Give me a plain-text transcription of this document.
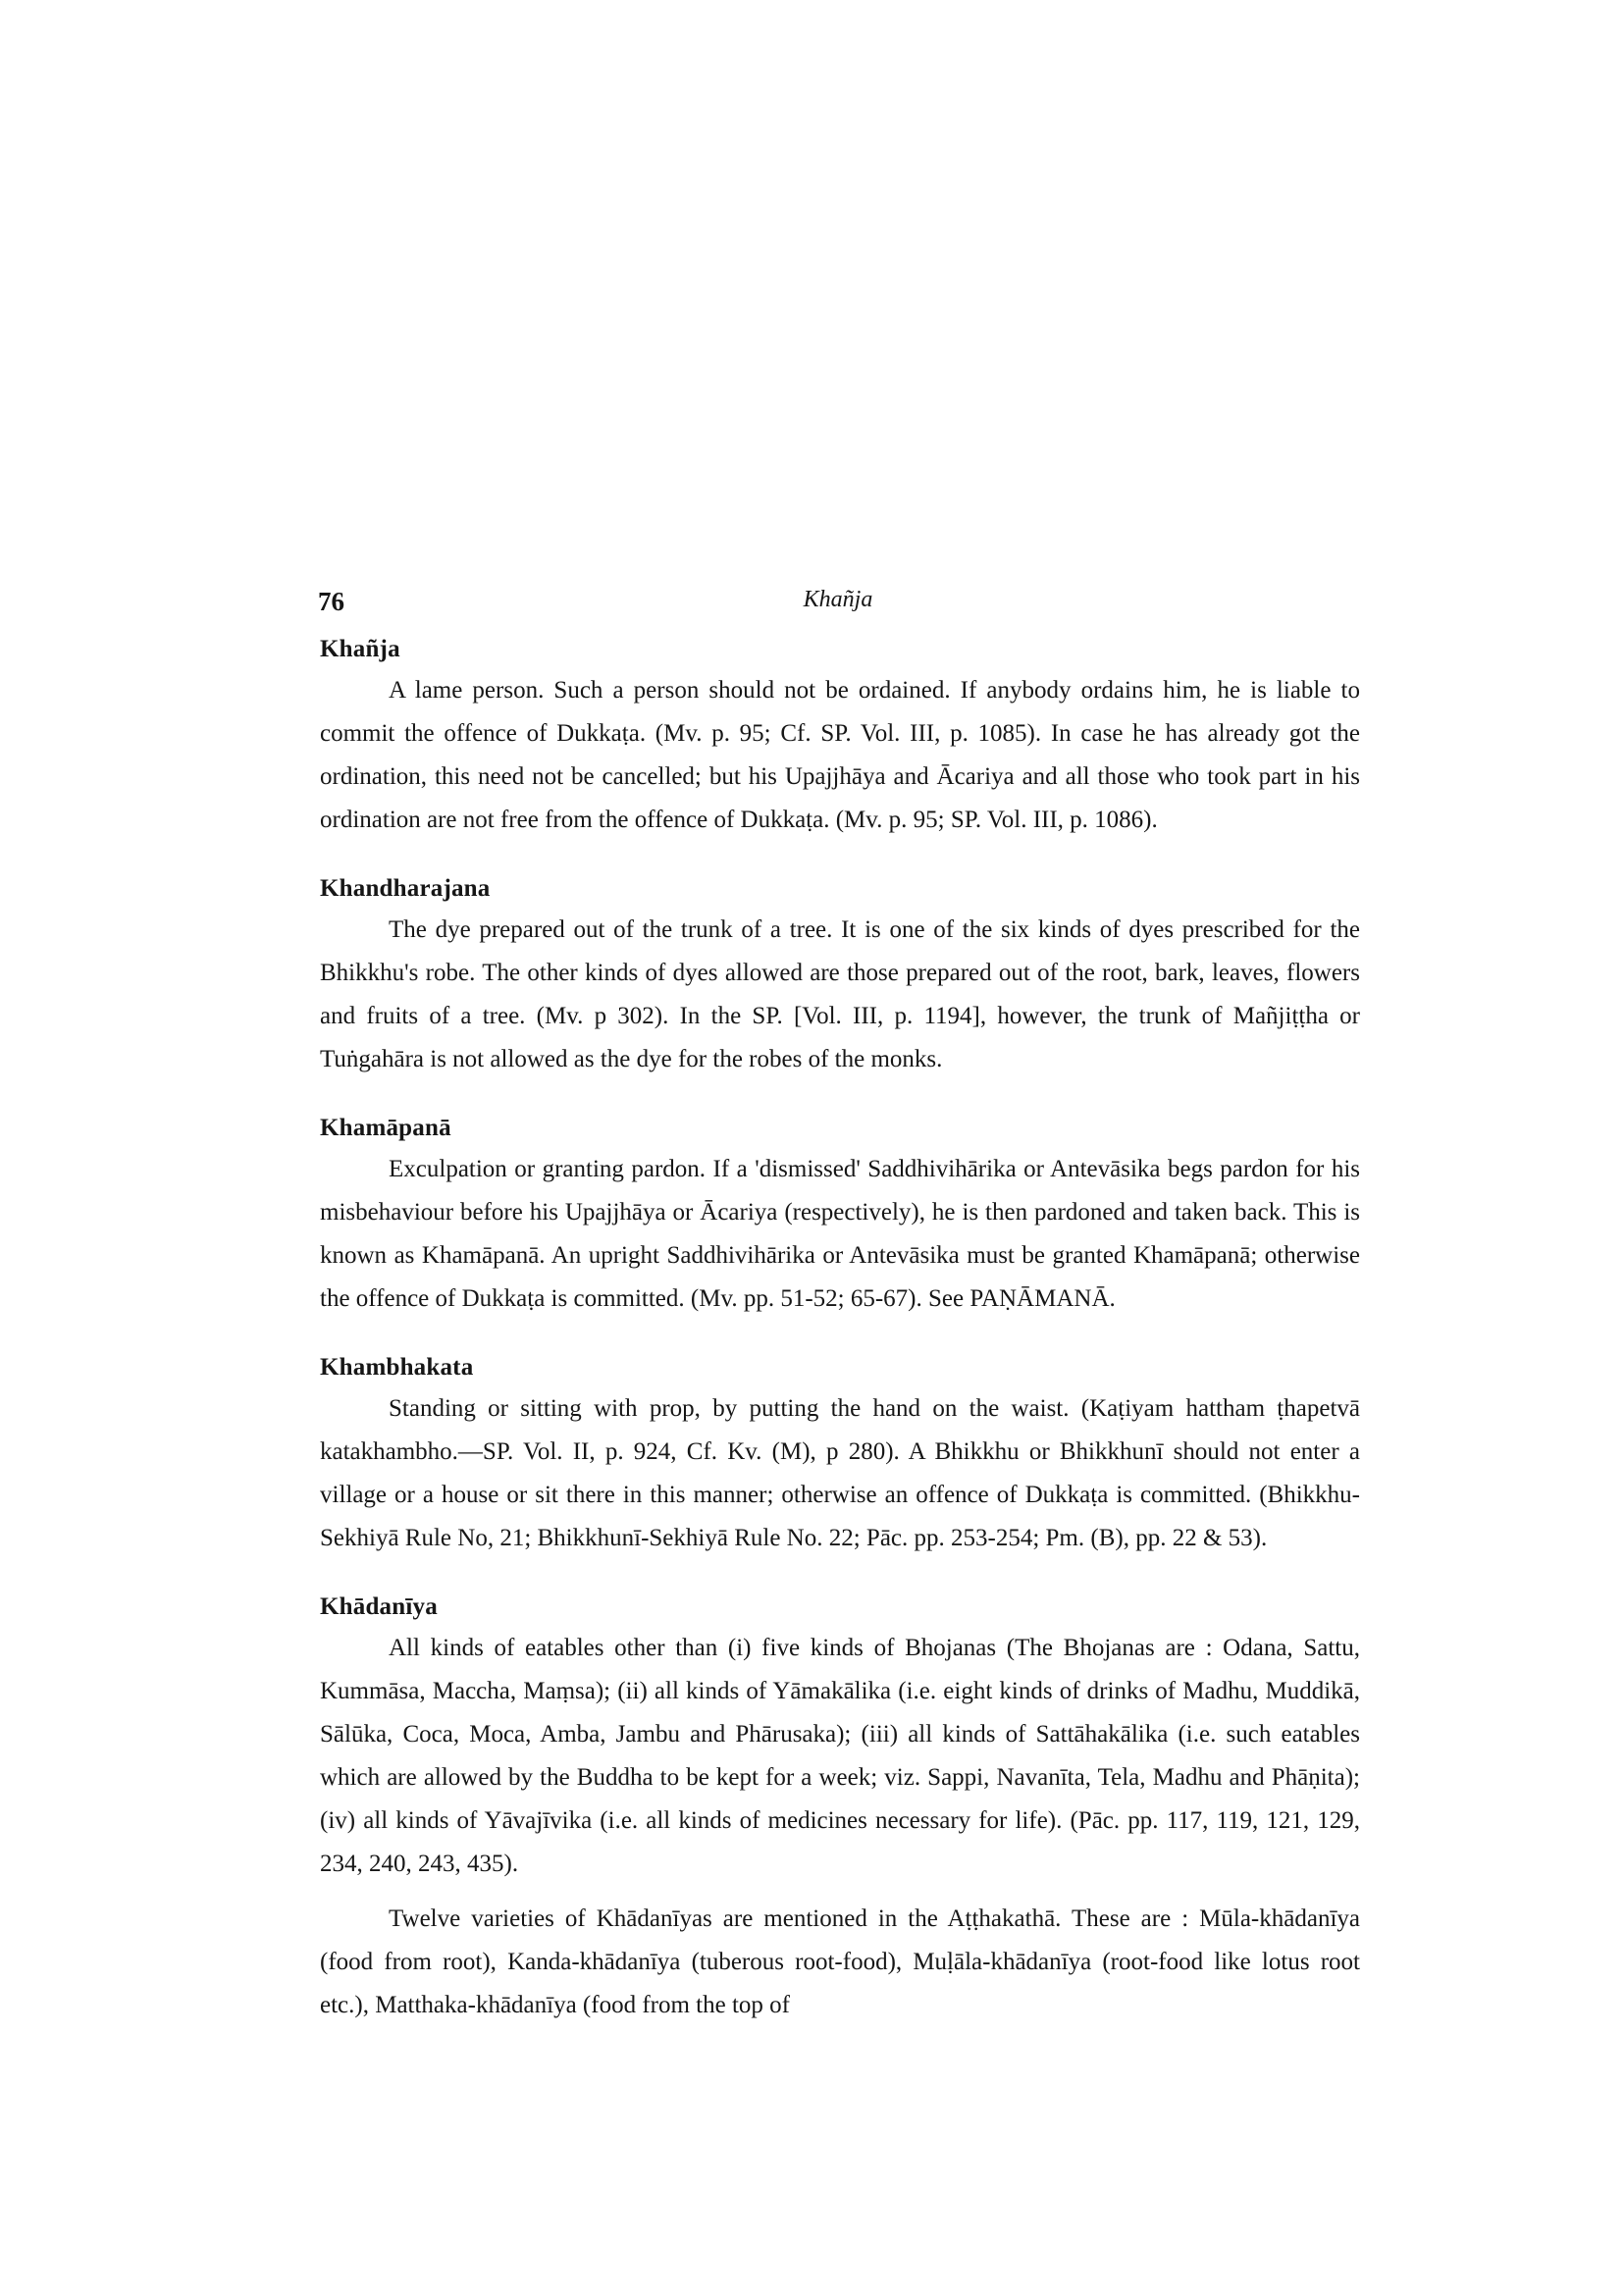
76	Khañja
Khañja

A lame person. Such a person should not be ordained. If anybody ordains him, he is liable to commit the offence of Dukkaṭa. (Mv. p. 95; Cf. SP. Vol. III, p. 1085). In case he has already got the ordination, this need not be cancelled; but his Upajjhāya and Ācariya and all those who took part in his ordination are not free from the offence of Dukkaṭa. (Mv. p. 95; SP. Vol. III, p. 1086).

Khandharajana

The dye prepared out of the trunk of a tree. It is one of the six kinds of dyes prescribed for the Bhikkhu's robe. The other kinds of dyes allowed are those prepared out of the root, bark, leaves, flowers and fruits of a tree. (Mv. p 302). In the SP. [Vol. III, p. 1194], however, the trunk of Mañjiṭṭha or Tuṅgahāra is not allowed as the dye for the robes of the monks.

Khamāpanā

Exculpation or granting pardon. If a 'dismissed' Saddhivihārika or Antevāsika begs pardon for his misbehaviour before his Upajjhāya or Ācariya (respectively), he is then pardoned and taken back. This is known as Khamāpanā. An upright Saddhivihārika or Antevāsika must be granted Khamāpanā; otherwise the offence of Dukkaṭa is committed. (Mv. pp. 51-52; 65-67). See PAṆĀMANĀ.

Khambhakata

Standing or sitting with prop, by putting the hand on the waist. (Kaṭiyam hattham ṭhapetvā katakhambho.—SP. Vol. II, p. 924, Cf. Kv. (M), p 280). A Bhikkhu or Bhikkhunī should not enter a village or a house or sit there in this manner; otherwise an offence of Dukkaṭa is committed. (Bhikkhu-Sekhiyā Rule No, 21; Bhikkhunī-Sekhiyā Rule No. 22; Pāc. pp. 253-254; Pm. (B), pp. 22 & 53).

Khādanīya

All kinds of eatables other than (i) five kinds of Bhojanas (The Bhojanas are : Odana, Sattu, Kummāsa, Maccha, Maṃsa); (ii) all kinds of Yāmakālika (i.e. eight kinds of drinks of Madhu, Muddikā, Sālūka, Coca, Moca, Amba, Jambu and Phārusaka); (iii) all kinds of Sattāhakālika (i.e. such eatables which are allowed by the Buddha to be kept for a week; viz. Sappi, Navanīta, Tela, Madhu and Phāṇita); (iv) all kinds of Yāvajīvika (i.e. all kinds of medicines necessary for life). (Pāc. pp. 117, 119, 121, 129, 234, 240, 243, 435).

Twelve varieties of Khādanīyas are mentioned in the Aṭṭhakathā. These are : Mūla-khādanīya (food from root), Kanda-khādanīya (tuberous root-food), Muḷāla-khādanīya (root-food like lotus root etc.), Matthaka-khādanīya (food from the top of
